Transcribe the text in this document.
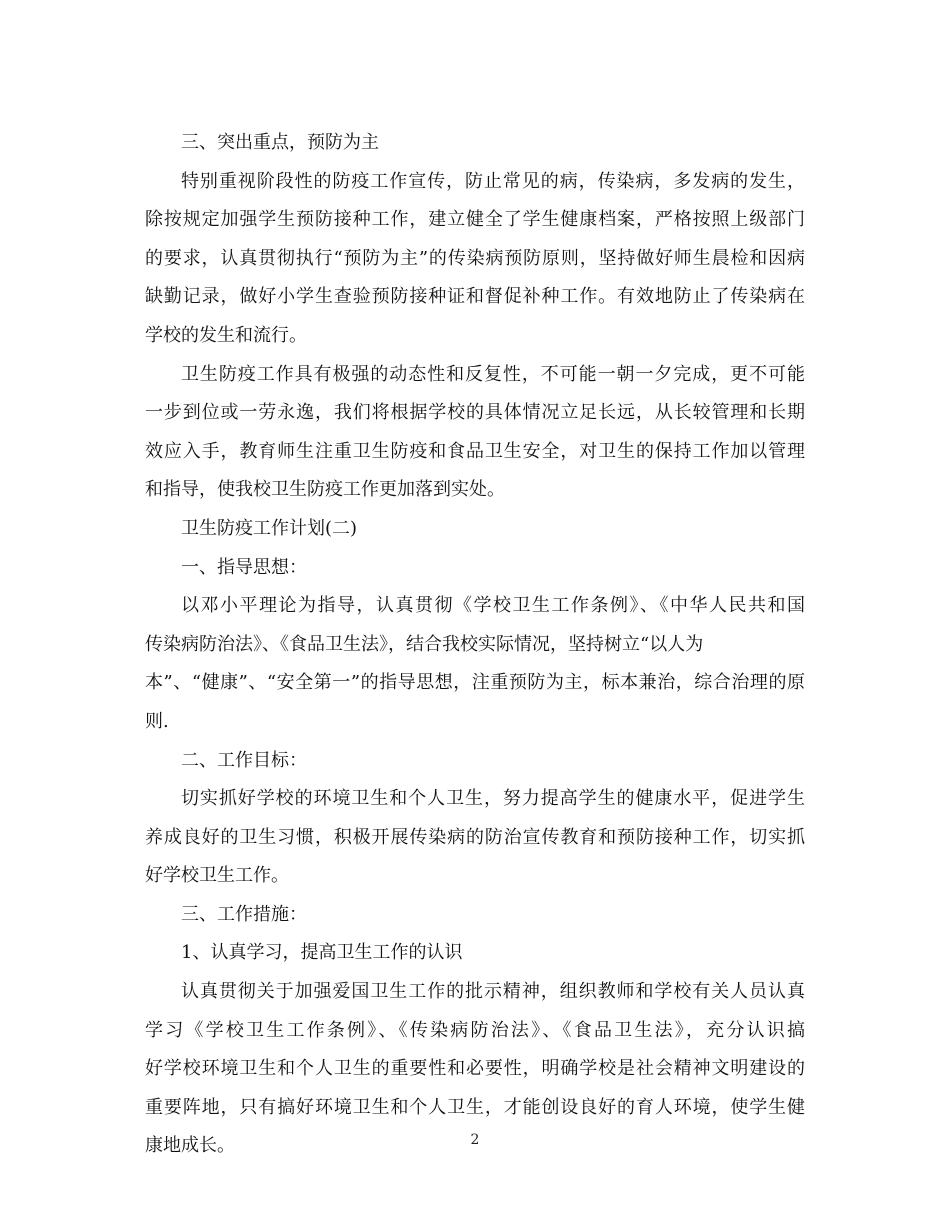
三、突出重点，预防为主
特别重视阶段性的防疫工作宣传，防止常见的病，传染病，多发病的发生，
除按规定加强学生预防接种工作，建立健全了学生健康档案，严格按照上级部门
的要求，认真贯彻执行“预防为主”的传染病预防原则，坚持做好师生晨检和因病
缺勤记录，做好小学生查验预防接种证和督促补种工作。有效地防止了传染病在
学校的发生和流行。
卫生防疫工作具有极强的动态性和反复性，不可能一朝一夕完成，更不可能
一步到位或一劳永逸，我们将根据学校的具体情况立足长远，从长较管理和长期
效应入手，教育师生注重卫生防疫和食品卫生安全，对卫生的保持工作加以管理
和指导，使我校卫生防疫工作更加落到实处。
卫生防疫工作计划(二)
一、指导思想：
以邓小平理论为指导，认真贯彻《学校卫生工作条例》、《中华人民共和国
传染病防治法》、《食品卫生法》，结合我校实际情况，坚持树立“以人为
本”、“健康”、“安全第一”的指导思想，注重预防为主，标本兼治，综合治理的原
则.
二、工作目标：
切实抓好学校的环境卫生和个人卫生，努力提高学生的健康水平，促进学生
养成良好的卫生习惯，积极开展传染病的防治宣传教育和预防接种工作，切实抓
好学校卫生工作。
三、工作措施：
1、认真学习，提高卫生工作的认识
认真贯彻关于加强爱国卫生工作的批示精神，组织教师和学校有关人员认真
学习《学校卫生工作条例》、《传染病防治法》、《食品卫生法》，充分认识搞
好学校环境卫生和个人卫生的重要性和必要性，明确学校是社会精神文明建设的
重要阵地，只有搞好环境卫生和个人卫生，才能创设良好的育人环境，使学生健
康地成长。	2
